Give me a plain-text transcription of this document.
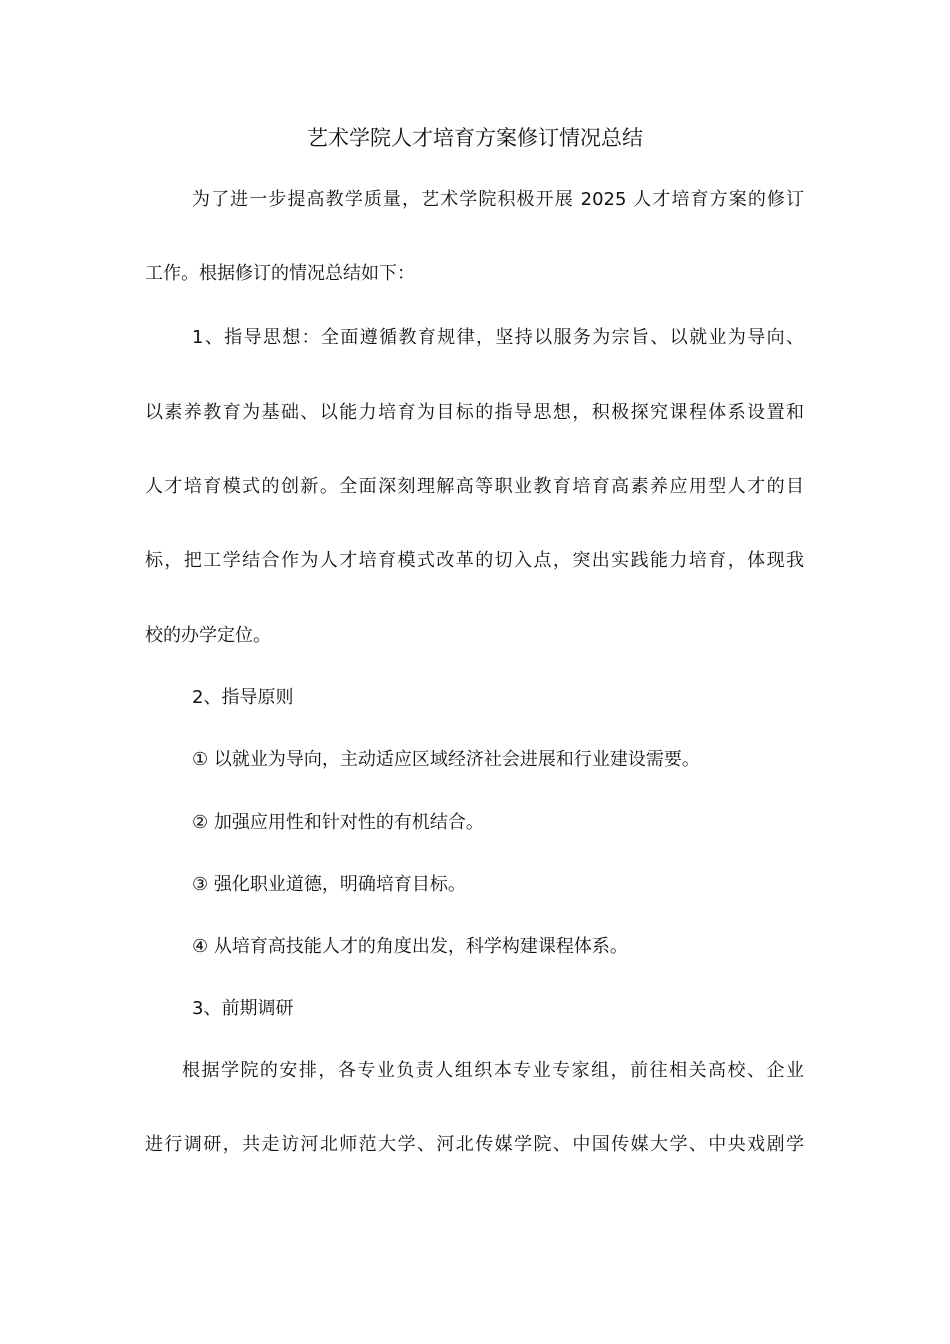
艺术学院人才培育方案修订情况总结
为了进一步提高教学质量，艺术学院积极开展 2025 人才培育方案的修订
工作。根据修订的情况总结如下：
1、指导思想：全面遵循教育规律，坚持以服务为宗旨、以就业为导向、
以素养教育为基础、以能力培育为目标的指导思想，积极探究课程体系设置和
人才培育模式的创新。全面深刻理解高等职业教育培育高素养应用型人才的目
标，把工学结合作为人才培育模式改革的切入点，突出实践能力培育，体现我
校的办学定位。
2、指导原则
① 以就业为导向，主动适应区域经济社会进展和行业建设需要。
② 加强应用性和针对性的有机结合。
③ 强化职业道德，明确培育目标。
④ 从培育高技能人才的角度出发，科学构建课程体系。
3、前期调研
根据学院的安排，各专业负责人组织本专业专家组，前往相关高校、企业
进行调研，共走访河北师范大学、河北传媒学院、中国传媒大学、中央戏剧学
